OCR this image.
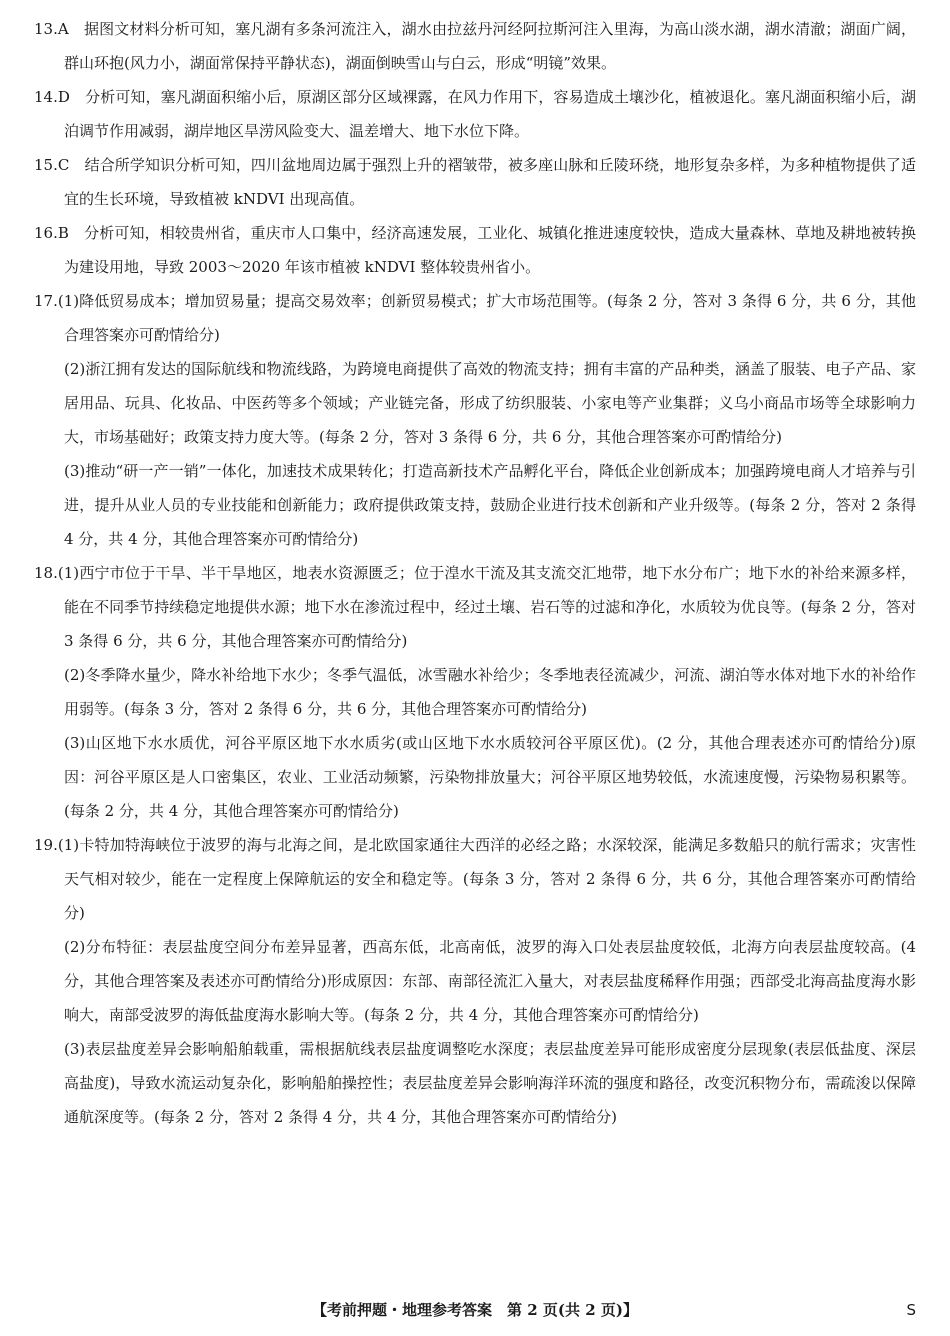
13.A　据图文材料分析可知，塞凡湖有多条河流注入，湖水由拉兹丹河经阿拉斯河注入里海，为高山淡水湖，湖水清澈；湖面广阔，群山环抱(风力小，湖面常保持平静状态)，湖面倒映雪山与白云，形成“明镜”效果。

14.D　分析可知，塞凡湖面积缩小后，原湖区部分区域裸露，在风力作用下，容易造成土壤沙化，植被退化。塞凡湖面积缩小后，湖泊调节作用减弱，湖岸地区旱涝风险变大、温差增大、地下水位下降。

15.C　结合所学知识分析可知，四川盆地周边属于强烈上升的褶皱带，被多座山脉和丘陵环绕，地形复杂多样，为多种植物提供了适宜的生长环境，导致植被 kNDVI 出现高值。

16.B　分析可知，相较贵州省，重庆市人口集中，经济高速发展，工业化、城镇化推进速度较快，造成大量森林、草地及耕地被转换为建设用地，导致 2003～2020 年该市植被 kNDVI 整体较贵州省小。

17.(1)降低贸易成本；增加贸易量；提高交易效率；创新贸易模式；扩大市场范围等。(每条 2 分，答对 3 条得 6 分，共 6 分，其他合理答案亦可酌情给分)

(2)浙江拥有发达的国际航线和物流线路，为跨境电商提供了高效的物流支持；拥有丰富的产品种类，涵盖了服装、电子产品、家居用品、玩具、化妆品、中医药等多个领域；产业链完备，形成了纺织服装、小家电等产业集群；义乌小商品市场等全球影响力大，市场基础好；政策支持力度大等。(每条 2 分，答对 3 条得 6 分，共 6 分，其他合理答案亦可酌情给分)

(3)推动“研一产一销”一体化，加速技术成果转化；打造高新技术产品孵化平台，降低企业创新成本；加强跨境电商人才培养与引进，提升从业人员的专业技能和创新能力；政府提供政策支持，鼓励企业进行技术创新和产业升级等。(每条 2 分，答对 2 条得 4 分，共 4 分，其他合理答案亦可酌情给分)

18.(1)西宁市位于干旱、半干旱地区，地表水资源匮乏；位于湟水干流及其支流交汇地带，地下水分布广；地下水的补给来源多样，能在不同季节持续稳定地提供水源；地下水在渗流过程中，经过土壤、岩石等的过滤和净化，水质较为优良等。(每条 2 分，答对 3 条得 6 分，共 6 分，其他合理答案亦可酌情给分)

(2)冬季降水量少，降水补给地下水少；冬季气温低，冰雪融水补给少；冬季地表径流减少，河流、湖泊等水体对地下水的补给作用弱等。(每条 3 分，答对 2 条得 6 分，共 6 分，其他合理答案亦可酌情给分)

(3)山区地下水水质优，河谷平原区地下水水质劣(或山区地下水水质较河谷平原区优)。(2 分，其他合理表述亦可酌情给分)原因：河谷平原区是人口密集区，农业、工业活动频繁，污染物排放量大；河谷平原区地势较低，水流速度慢，污染物易积累等。(每条 2 分，共 4 分，其他合理答案亦可酌情给分)

19.(1)卡特加特海峡位于波罗的海与北海之间，是北欧国家通往大西洋的必经之路；水深较深，能满足多数船只的航行需求；灾害性天气相对较少，能在一定程度上保障航运的安全和稳定等。(每条 3 分，答对 2 条得 6 分，共 6 分，其他合理答案亦可酌情给分)

(2)分布特征：表层盐度空间分布差异显著，西高东低，北高南低，波罗的海入口处表层盐度较低，北海方向表层盐度较高。(4 分，其他合理答案及表述亦可酌情给分)形成原因：东部、南部径流汇入量大，对表层盐度稀释作用强；西部受北海高盐度海水影响大，南部受波罗的海低盐度海水影响大等。(每条 2 分，共 4 分，其他合理答案亦可酌情给分)

(3)表层盐度差异会影响船舶载重，需根据航线表层盐度调整吃水深度；表层盐度差异可能形成密度分层现象(表层低盐度、深层高盐度)，导致水流运动复杂化，影响船舶操控性；表层盐度差异会影响海洋环流的强度和路径，改变沉积物分布，需疏浚以保障通航深度等。(每条 2 分，答对 2 条得 4 分，共 4 分，其他合理答案亦可酌情给分)

【考前押题・地理参考答案　第 2 页(共 2 页)】	S
